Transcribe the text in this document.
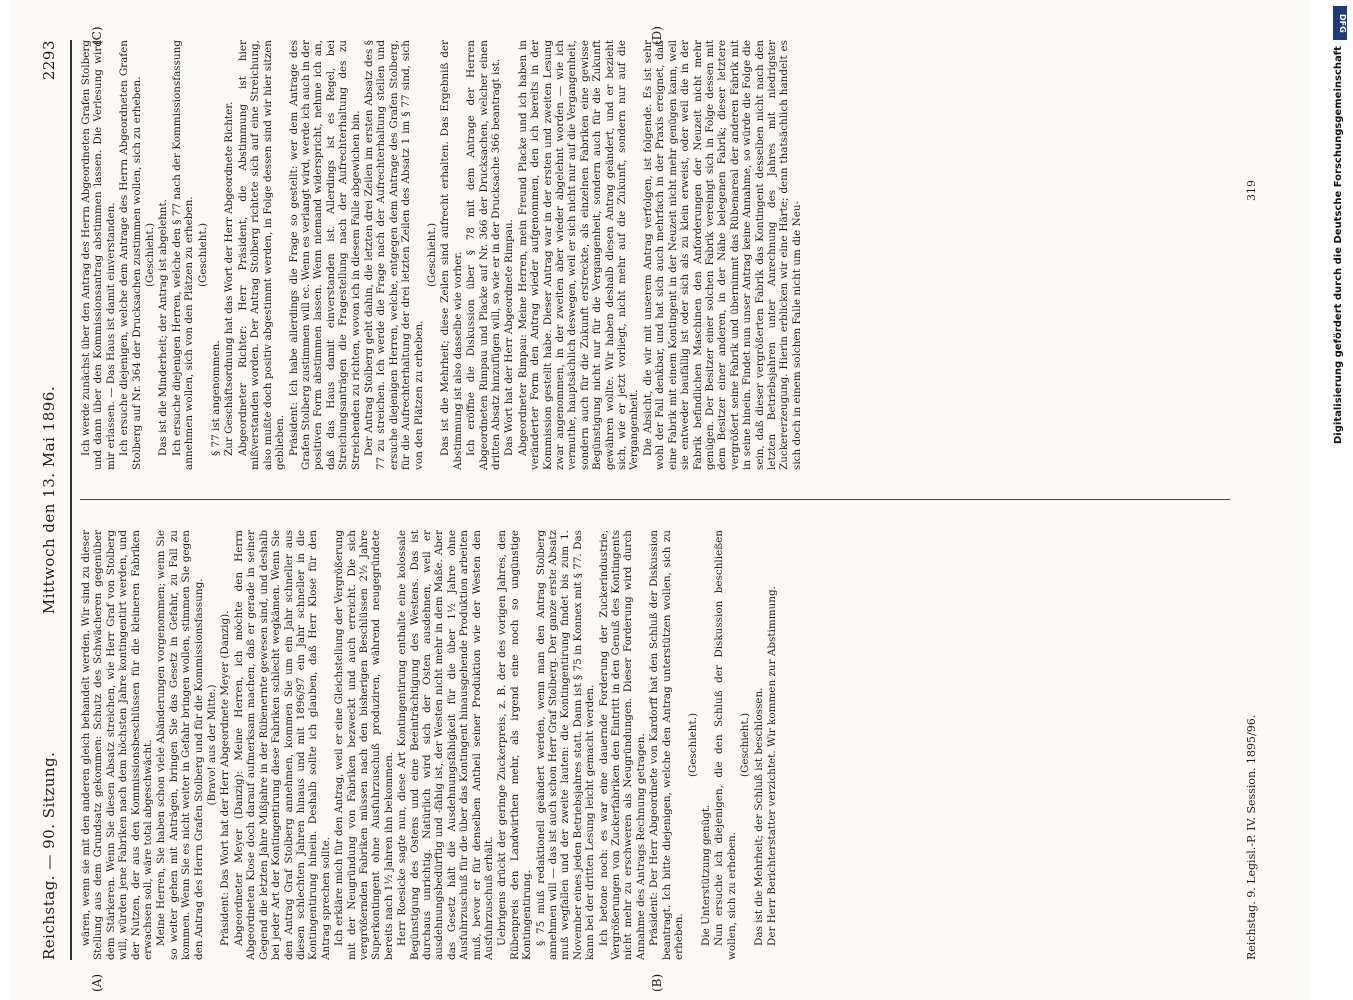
Reichstag. — 90. Sitzung.
Mittwoch den 13. Mai 1896.
2293
(A)	(B)
(C)	(D)

wären, wenn sie mit den anderen gleich behandelt werden. Wir sind zu dieser Stellung aus dem Grundsatz gekommen: Schutz des Schwächeren gegenüber dem Stärkeren. Wenn Sie diesen Absatz streichen, wie Herr Graf von Stolberg will, würden jene Fabriken nach dem höchsten Jahre kontingentirt werden, und der Nutzen, der aus den Kommissionsbeschlüssen für die kleineren Fabriken erwachsen soll, wäre total abgeschwächt. Meine Herren, Sie haben schon viele Abänderungen vorgenommen; wenn Sie so weiter gehen mit Anträgen, bringen Sie das Gesetz in Gefahr, zu Fall zu kommen. Wenn Sie es nicht weiter in Gefahr bringen wollen, stimmen Sie gegen den Antrag des Herrn Grafen Stolberg und für die Kommissionsfassung. (Bravo! aus der Mitte.) Präsident: Das Wort hat der Herr Abgeordnete Meyer (Danzig). Abgeordneter Meyer (Danzig): Meine Herren, ich möchte den Herrn Abgeordneten Klose doch darauf aufmerksam machen, daß er gerade in seiner Gegend die letzten Jahre Mißjahre in der Rübenernte gewesen sind, und deshalb bei jeder Art der Kontingentirung diese Fabriken schlecht wegkämen. Wenn Sie den Antrag Graf Stolberg annehmen, kommen Sie um ein Jahr schneller aus diesen schlechten Jahren hinaus und mit 1896/97 ein Jahr schneller in die Kontingentirung hinein. Deshalb sollte ich glauben, daß Herr Klose für den Antrag sprechen sollte. Ich erkläre mich für den Antrag, weil er eine Gleichstellung der Vergrößerung mit der Neugründung von Fabriken bezweckt und auch erreicht. Die sich vergrößernden Fabriken müssen nach den bisherigen Beschlüssen 2½ Jahre Superkontingent ohne Ausfuhrzuschuß produziren, während neugegründete bereits nach 1½ Jahren ihn bekommen. Herr Roesicke sagte nun, diese Art Kontingentirung enthalte eine kolossale Begünstigung des Ostens und eine Beeinträchtigung des Westens. Das ist durchaus unrichtig. Natürlich wird sich der Osten ausdehnen, weil er ausdehnungsbedürftig und -fähig ist, der Westen nicht mehr in dem Maße. Aber das Gesetz hält die Ausdehnungsfähigkeit für die über 1½ Jahre ohne Ausfuhrzuschuß für die über das Kontingent hinausgehende Produktion arbeiten muß, bevor er für denselben Antheil seiner Produktion wie der Westen den Ausfuhrzuschuß erhält. Uebrigens drückt der geringe Zuckerpreis, z. B. der des vorigen Jahres, den Rübenpreis den Landwirthen mehr, als irgend eine noch so ungünstige Kontingentirung. § 75 muß redaktionell geändert werden, wenn man den Antrag Stolberg annehmen will — das ist auch schon Herr Graf Stolberg. Der ganze erste Absatz muß wegfallen und der zweite lauten: die Kontingentirung findet bis zum 1. November eines jeden Betriebsjahres statt. Dann ist § 75 in Konnex mit § 77. Das kann bei der dritten Lesung leicht gemacht werden. Ich betone noch: es war eine dauernde Forderung der Zuckerindustrie, Vergrößerungen von Zuckerfabriken den Eintritt in den Genuß des Kontingents nicht mehr zu erschweren als Neugründungen. Dieser Forderung wird durch Annahme des Antrags Rechnung getragen. Präsident: Der Herr Abgeordnete von Kardorff hat den Schluß der Diskussion beantragt. Ich bitte diejenigen, welche den Antrag unterstützen wollen, sich zu erheben.

(Geschieht.)

Die Unterstützung genügt. Nun ersuche ich diejenigen, die den Schluß der Diskussion beschließen wollen, sich zu erheben.

(Geschieht.) Das ist die Mehrheit; der Schluß ist beschlossen. Der Herr Berichterstatter verzichtet. Wir kommen zur Abstimmung.

Ich werde zunächst über den Antrag des Herrn Abgeordneten Grafen Stolberg und dann über den Kommissionsantrag abstimmen lassen. Die Verlesung wird mir erlassen. — Das Haus ist damit einverstanden. Ich ersuche diejenigen, welche dem Antrage des Herrn Abgeordneten Grafen Stolberg auf Nr. 364 der Drucksachen zustimmen wollen, sich zu erheben. (Geschieht.) Das ist die Minderheit; der Antrag ist abgelehnt. Ich ersuche diejenigen Herren, welche den § 77 nach der Kommissionsfassung annehmen wollen, sich von den Plätzen zu erheben. (Geschieht.)

§ 77 ist angenommen. Zur Geschäftsordnung hat das Wort der Herr Abgeordnete Richter. Abgeordneter Richter: Herr Präsident, die Abstimmung ist hier mißverstanden worden. Der Antrag Stolberg richtete sich auf eine Streichung, also mußte doch positiv abgestimmt werden, in Folge dessen sind wir hier sitzen geblieben. Präsident: Ich habe allerdings die Frage so gestellt: wer dem Antrage des Grafen Stolberg zustimmen will ec. Wenn es verlangt wird, werde ich auch in der positiven Form abstimmen lassen. Wenn niemand widerspricht, nehme ich an, daß das Haus damit einverstanden ist. Allerdings ist es Regel, bei Streichungsanträgen die Fragestellung nach der Aufrechterhaltung des zu Streichenden zu richten, wovon ich in diesem Falle abgewichen bin. Der Antrag Stolberg geht dahin, die letzten drei Zeilen im ersten Absatz des § 77 zu streichen. Ich werde die Frage nach der Aufrechterhaltung stellen und ersuche diejenigen Herren, welche, entgegen dem Antrage des Grafen Stolberg, für die Aufrechterhaltung der drei letzten Zeilen des Absatz 1 im § 77 sind, sich von den Plätzen zu erheben.

(Geschieht.) Das ist die Mehrheit; diese Zeilen sind aufrecht erhalten. Das Ergebniß der Abstimmung ist also dasselbe wie vorher. Ich eröffne die Diskussion über § 78 mit dem Antrage der Herren Abgeordneten Rimpau und Placke auf Nr. 366 der Drucksachen, welcher einen dritten Absatz hinzufügen will, so wie er in der Drucksache 366 beantragt ist. Das Wort hat der Herr Abgeordnete Rimpau. Abgeordneter Rimpau: Meine Herren, mein Freund Placke und ich haben in veränderter Form den Antrag wieder aufgenommen, den ich bereits in der Kommission gestellt habe. Dieser Antrag war in der ersten und zweiten Lesung zwar angenommen, in der zweiten aber wieder abgelehnt worden — wie ich vermuthe, hauptsächlich deswegen, weil er sich nicht nur auf die Vergangenheit, sondern auch für die Zukunft erstreckte, als einzelnen Fabriken eine gewisse Begünstigung nicht nur für die Vergangenheit, sondern auch für die Zukunft gewähren wollte. Wir haben deshalb diesen Antrag geändert, und er bezieht sich, wie er jetzt vorliegt, nicht mehr auf die Zukunft, sondern nur auf die Vergangenheit. Die Absicht, die wir mit unserem Antrag verfolgen, ist folgende. Es ist sehr wohl der Fall denkbar, und hat sich auch mehrfach in der Praxis ereignet, daß eine Fabrik mit einem Kontingent in der Neuzeit nicht mehr genügen kann, weil sie entweder baufällig ist oder sich als zu klein erweist, oder weil die in der Fabrik befindlichen Maschinen den Anforderungen der Neuzeit nicht mehr genügen. Der Besitzer einer solchen Fabrik vereinigt sich in Folge dessen mit dem Besitzer einer anderen, in der Nähe belegenen Fabrik; dieser letztere vergrößert seine Fabrik und übernimmt das Rübenareal der anderen Fabrik mit in seine hinein. Findet nun unser Antrag keine Annahme, so würde die Folge die sein, daß dieser vergrößerten Fabrik das Kontingent desselben nicht nach den letzten Betriebsjahren unter Anrechnung des Jahres mit niedrigster Zuckererzeugung. Hierin erblicken wir eine Härte; denn thatsächlich handelt es sich doch in einem solchen Falle nicht um die Neu-

Reichstag. 9. Legisl.-P. IV. Session. 1895/96.
319
DFG
Digitalisierung gefördert durch die Deutsche Forschungsgemeinschaft
